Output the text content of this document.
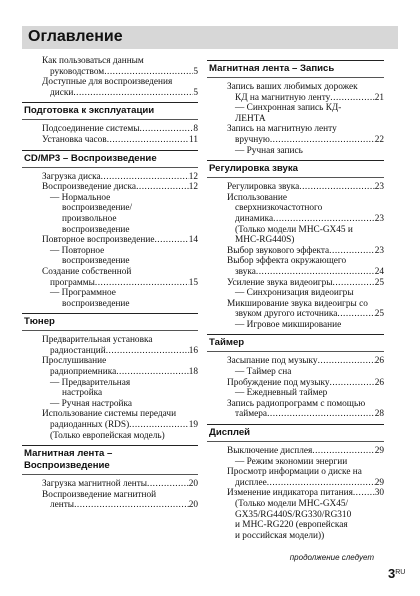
Оглавление
Как пользоваться данным
руководством .....	5
Доступные для воспроизведения
диски .....	5
Подготовка к эксплуатации
Подсоединение системы .....	8
Установка часов .....	11
CD/MP3 – Воспроизведение
Загрузка диска .....	12
Воспроизведение диска .....	12
— Нормальное
воспроизведение/
произвольное
воспроизведение
Повторное воспроизведение .....	14
— Повторное
воспроизведение
Создание собственной
программы .....	15
— Программное
воспроизведение
Тюнер
Предварительная установка
радиостанций .....	16
Прослушивание
радиоприемника .....	18
— Предварительная
настройка
— Ручная настройка
Использование системы передачи
радиоданных (RDS) .....	19
(Только европейская модель)
Магнитная лента –
Воспроизведение
Загрузка магнитной ленты .....	20
Воспроизведение магнитной
ленты .....	20
Магнитная лента – Запись
Запись ваших любимых дорожек
КД на магнитную ленту .....	21
— Синхронная запись КД-
ЛЕНТА
Запись на магнитную ленту
вручную .....	22
— Ручная запись
Регулировка звука
Регулировка звука .....	23
Использование
сверхнизкочастотного
динамика .....	23
(Только модели MHC-GX45 и
MHC-RG440S)
Выбор звукового эффекта .....	23
Выбор эффекта окружающего
звука .....	24
Усиление звука видеоигры .....	25
— Синхронизация видеоигры
Микширование звука видеоигры со
звуком другого источника .....	25
— Игровое микширование
Таймер
Засыпание под музыку .....	26
— Таймер сна
Пробуждение под музыку .....	26
— Ежедневный таймер
Запись радиопрограмм с помощью
таймера .....	28
Дисплей
Выключение дисплея .....	29
— Режим экономии энергии
Просмотр информации о диске на
дисплее .....	29
Изменение индикатора питания ..... 30
(Только модели MHC-GX45/
GX35/RG440S/RG330/RG310
и MHC-RG220 (европейская
и российская модели))
продолжение следует
$3^{RU}$
